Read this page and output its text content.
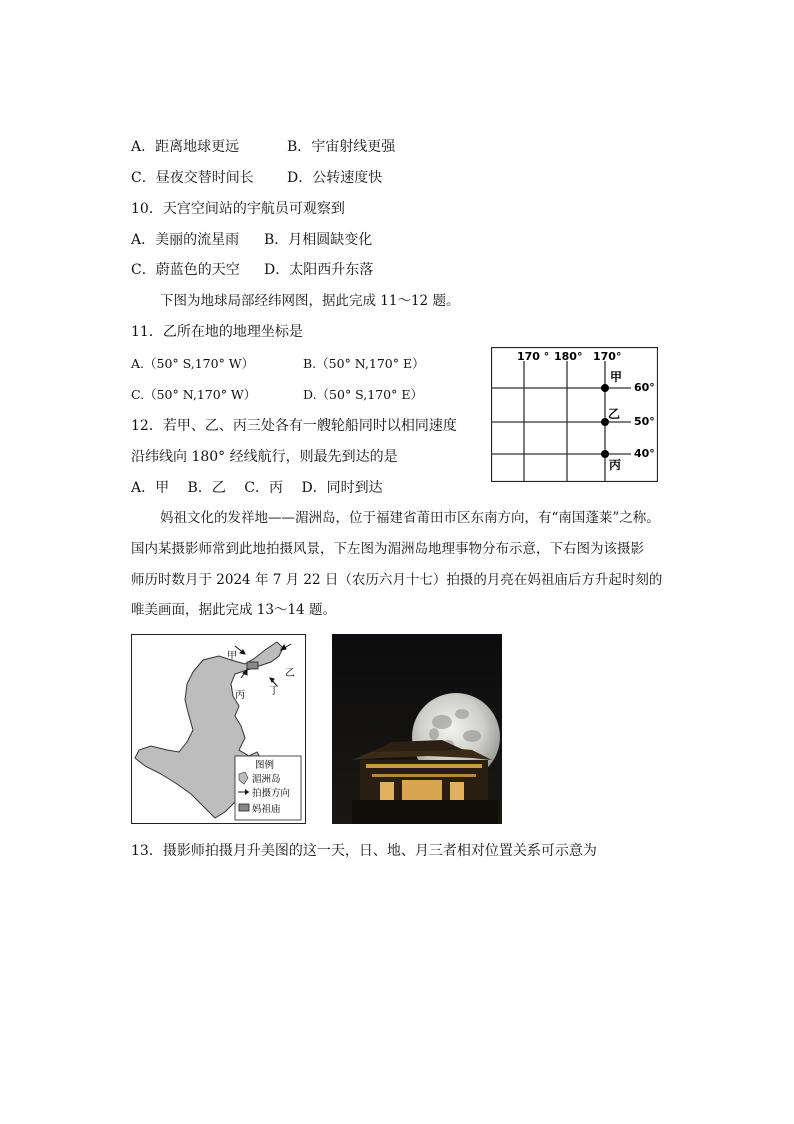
A．距离地球更远	B．宇宙射线更强
C．昼夜交替时间长 D．公转速度快
10．天宫空间站的宇航员可观察到
A．美丽的流星雨 B．月相圆缺变化
C．蔚蓝色的天空 D．太阳西升东落
下图为地球局部经纬网图，据此完成 11～12 题。
11．乙所在地的地理坐标是
A.（50° S,170° W）	B.（50° N,170° E）
C.（50° N,170° W）	D.（50° S,170° E）
12．若甲、乙、丙三处各有一艘轮船同时以相同速度
沿纬线向 180° 经线航行，则最先到达的是
A．甲　 B．乙　 C．丙　 D．同时到达
170 ° 180° 170°
60°
50°
40°
甲
乙
丙
妈祖文化的发祥地——湄洲岛，位于福建省莆田市区东南方向，有“南国蓬莱”之称。
国内某摄影师常到此地拍摄风景，下左图为湄洲岛地理事物分布示意，下右图为该摄影
师历时数月于 2024 年 7 月 22 日（农历六月十七）拍摄的月亮在妈祖庙后方升起时刻的
唯美画面，据此完成 13～14 题。
甲
乙
丙 丁
图例
湄洲岛
拍摄方向
妈祖庙
13．摄影师拍摄月升美图的这一天，日、地、月三者相对位置关系可示意为
